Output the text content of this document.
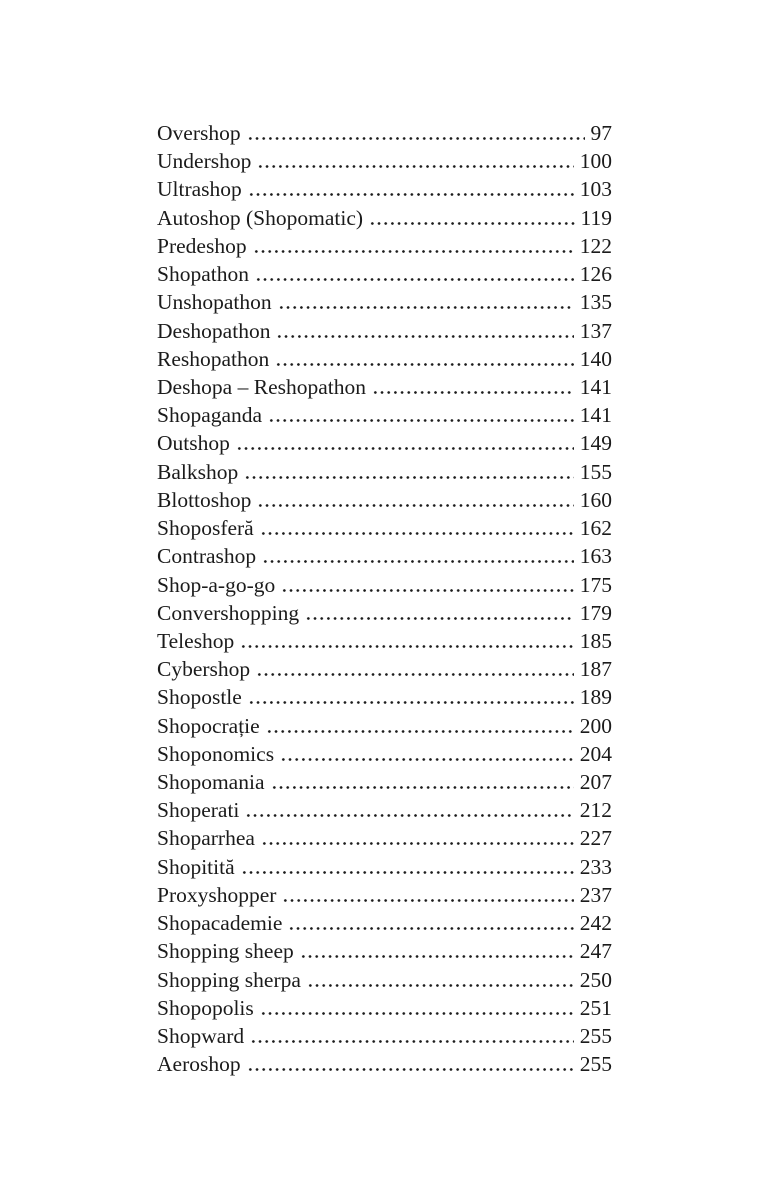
Overshop	97
Undershop	100
Ultrashop	103
Autoshop (Shopomatic)	119
Predeshop	122
Shopathon	126
Unshopathon	135
Deshopathon	137
Reshopathon	140
Deshopa – Reshopathon	141
Shopaganda	141
Outshop	149
Balkshop	155
Blottoshop	160
Shoposferă	162
Contrashop	163
Shop-a-go-go	175
Convershopping	179
Teleshop	185
Cybershop	187
Shopostle	189
Shopocrație	200
Shoponomics	204
Shopomania	207
Shoperati	212
Shoparrhea	227
Shopitită	233
Proxyshopper	237
Shopacademie	242
Shopping sheep	247
Shopping sherpa	250
Shopopolis	251
Shopward	255
Aeroshop	255
